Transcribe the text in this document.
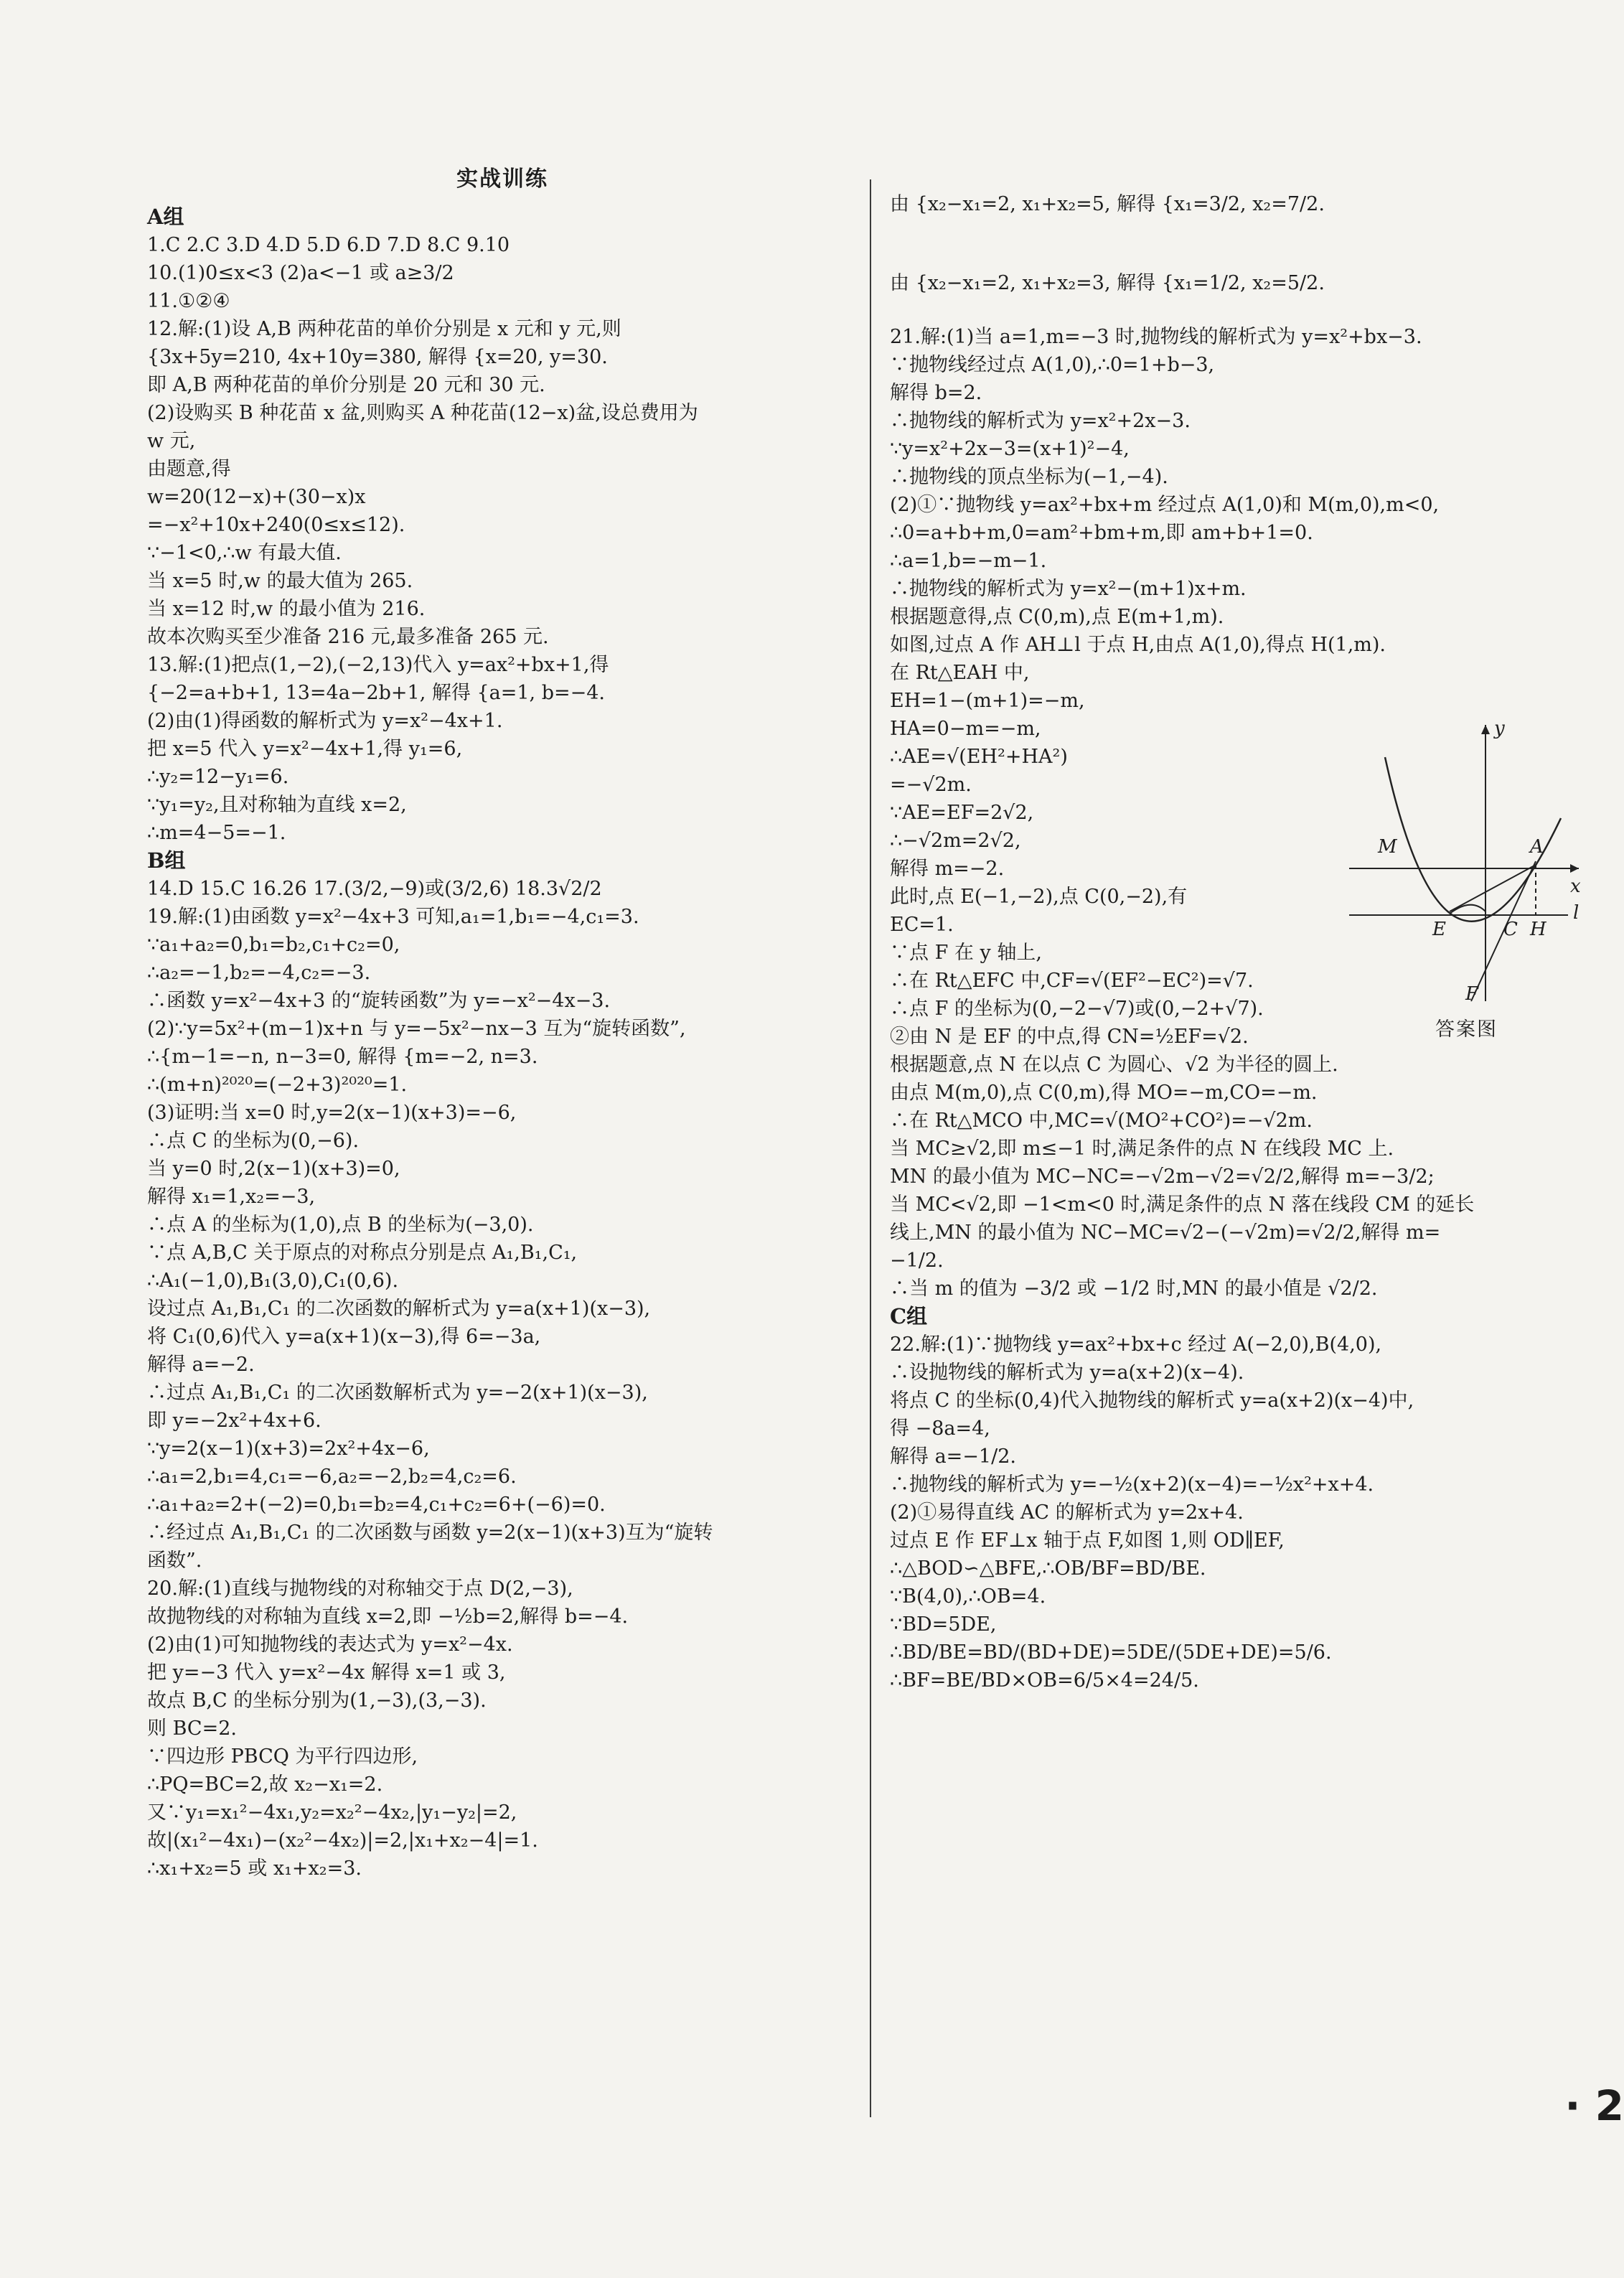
实战训练
A组
1.C 2.C 3.D 4.D 5.D 6.D 7.D 8.C 9.10
10.(1)0≤x<3 (2)a<−1 或 a≥3/2
11.①②④
12.解:(1)设 A,B 两种花苗的单价分别是 x 元和 y 元,则
{3x+5y=210, 4x+10y=380, 解得 {x=20, y=30.
即 A,B 两种花苗的单价分别是 20 元和 30 元.
(2)设购买 B 种花苗 x 盆,则购买 A 种花苗(12−x)盆,设总费用为
w 元,
由题意,得
w=20(12−x)+(30−x)x
=−x²+10x+240(0≤x≤12).
∵−1<0,∴w 有最大值.
当 x=5 时,w 的最大值为 265.
当 x=12 时,w 的最小值为 216.
故本次购买至少准备 216 元,最多准备 265 元.
13.解:(1)把点(1,−2),(−2,13)代入 y=ax²+bx+1,得
{−2=a+b+1, 13=4a−2b+1, 解得 {a=1, b=−4.
(2)由(1)得函数的解析式为 y=x²−4x+1.
把 x=5 代入 y=x²−4x+1,得 y₁=6,
∴y₂=12−y₁=6.
∵y₁=y₂,且对称轴为直线 x=2,
∴m=4−5=−1.
B组
14.D 15.C 16.26 17.(3/2,−9)或(3/2,6) 18.3√2/2
19.解:(1)由函数 y=x²−4x+3 可知,a₁=1,b₁=−4,c₁=3.
∵a₁+a₂=0,b₁=b₂,c₁+c₂=0,
∴a₂=−1,b₂=−4,c₂=−3.
∴函数 y=x²−4x+3 的“旋转函数”为 y=−x²−4x−3.
(2)∵y=5x²+(m−1)x+n 与 y=−5x²−nx−3 互为“旋转函数”,
∴{m−1=−n, n−3=0, 解得 {m=−2, n=3.
∴(m+n)²⁰²⁰=(−2+3)²⁰²⁰=1.
(3)证明:当 x=0 时,y=2(x−1)(x+3)=−6,
∴点 C 的坐标为(0,−6).
当 y=0 时,2(x−1)(x+3)=0,
解得 x₁=1,x₂=−3,
∴点 A 的坐标为(1,0),点 B 的坐标为(−3,0).
∵点 A,B,C 关于原点的对称点分别是点 A₁,B₁,C₁,
∴A₁(−1,0),B₁(3,0),C₁(0,6).
设过点 A₁,B₁,C₁ 的二次函数的解析式为 y=a(x+1)(x−3),
将 C₁(0,6)代入 y=a(x+1)(x−3),得 6=−3a,
解得 a=−2.
∴过点 A₁,B₁,C₁ 的二次函数解析式为 y=−2(x+1)(x−3),
即 y=−2x²+4x+6.
∵y=2(x−1)(x+3)=2x²+4x−6,
∴a₁=2,b₁=4,c₁=−6,a₂=−2,b₂=4,c₂=6.
∴a₁+a₂=2+(−2)=0,b₁=b₂=4,c₁+c₂=6+(−6)=0.
∴经过点 A₁,B₁,C₁ 的二次函数与函数 y=2(x−1)(x+3)互为“旋转
函数”.
20.解:(1)直线与抛物线的对称轴交于点 D(2,−3),
故抛物线的对称轴为直线 x=2,即 −½b=2,解得 b=−4.
(2)由(1)可知抛物线的表达式为 y=x²−4x.
把 y=−3 代入 y=x²−4x 解得 x=1 或 3,
故点 B,C 的坐标分别为(1,−3),(3,−3).
则 BC=2.
∵四边形 PBCQ 为平行四边形,
∴PQ=BC=2,故 x₂−x₁=2.
又∵y₁=x₁²−4x₁,y₂=x₂²−4x₂,|y₁−y₂|=2,
故|(x₁²−4x₁)−(x₂²−4x₂)|=2,|x₁+x₂−4|=1.
∴x₁+x₂=5 或 x₁+x₂=3.
由 {x₂−x₁=2, x₁+x₂=5, 解得 {x₁=3/2, x₂=7/2.
由 {x₂−x₁=2, x₁+x₂=3, 解得 {x₁=1/2, x₂=5/2.
21.解:(1)当 a=1,m=−3 时,抛物线的解析式为 y=x²+bx−3.
∵抛物线经过点 A(1,0),∴0=1+b−3,
解得 b=2.
∴抛物线的解析式为 y=x²+2x−3.
∵y=x²+2x−3=(x+1)²−4,
∴抛物线的顶点坐标为(−1,−4).
(2)①∵抛物线 y=ax²+bx+m 经过点 A(1,0)和 M(m,0),m<0,
∴0=a+b+m,0=am²+bm+m,即 am+b+1=0.
∴a=1,b=−m−1.
∴抛物线的解析式为 y=x²−(m+1)x+m.
根据题意得,点 C(0,m),点 E(m+1,m).
如图,过点 A 作 AH⊥l 于点 H,由点 A(1,0),得点 H(1,m).
在 Rt△EAH 中,
EH=1−(m+1)=−m,
HA=0−m=−m,
∴AE=√(EH²+HA²)
=−√2m.
∵AE=EF=2√2,
∴−√2m=2√2,
解得 m=−2.
此时,点 E(−1,−2),点 C(0,−2),有
EC=1.
∵点 F 在 y 轴上,
∴在 Rt△EFC 中,CF=√(EF²−EC²)=√7.
∴点 F 的坐标为(0,−2−√7)或(0,−2+√7).
②由 N 是 EF 的中点,得 CN=½EF=√2.
根据题意,点 N 在以点 C 为圆心、√2 为半径的圆上.
由点 M(m,0),点 C(0,m),得 MO=−m,CO=−m.
∴在 Rt△MCO 中,MC=√(MO²+CO²)=−√2m.
当 MC≥√2,即 m≤−1 时,满足条件的点 N 在线段 MC 上.
MN 的最小值为 MC−NC=−√2m−√2=√2/2,解得 m=−3/2;
当 MC<√2,即 −1<m<0 时,满足条件的点 N 落在线段 CM 的延长
线上,MN 的最小值为 NC−MC=√2−(−√2m)=√2/2,解得 m=
−1/2.
∴当 m 的值为 −3/2 或 −1/2 时,MN 的最小值是 √2/2.
C组
22.解:(1)∵抛物线 y=ax²+bx+c 经过 A(−2,0),B(4,0),
∴设抛物线的解析式为 y=a(x+2)(x−4).
将点 C 的坐标(0,4)代入抛物线的解析式 y=a(x+2)(x−4)中,
得 −8a=4,
解得 a=−1/2.
∴抛物线的解析式为 y=−½(x+2)(x−4)=−½x²+x+4.
(2)①易得直线 AC 的解析式为 y=2x+4.
过点 E 作 EF⊥x 轴于点 F,如图 1,则 OD∥EF,
∴△BOD∽△BFE,∴OB/BF=BD/BE.
∵B(4,0),∴OB=4.
∵BD=5DE,
∴BD/BE=BD/(BD+DE)=5DE/(5DE+DE)=5/6.
∴BF=BE/BD×OB=6/5×4=24/5.
y
x
M	A
E	C H
l
F
答案图
· 2
